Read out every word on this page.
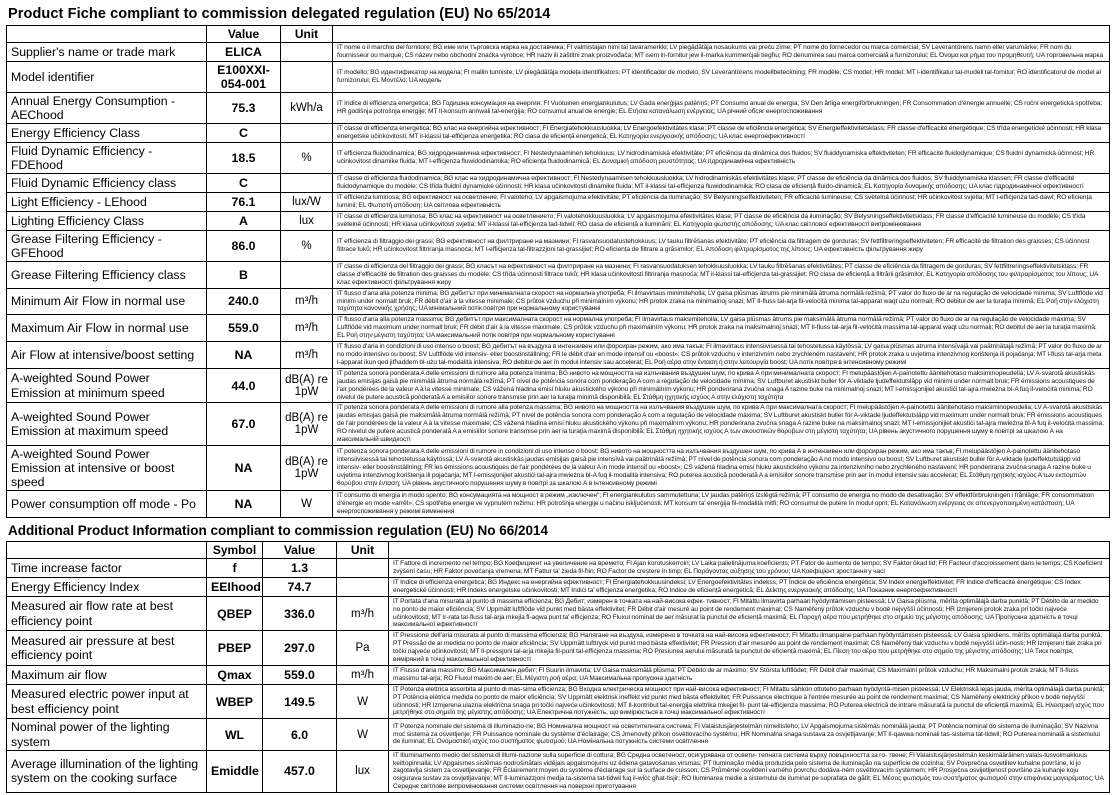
Product Fiche compliant to commission delegated regulation (EU) No 65/2014
	Value	Unit	
Supplier's name or trade mark	ELICA		IT nome o il marchio del fornitore; BG име или търговска марка на доставчика; FI valmistajan nimi tai tavaramerkki; LV piegādātāja nosaukums vai preču zīme; PT nome do fornecedor ou marca comercial; SV Leverantörens namn eller varumärke; FR nom du fournisseur ou marque; CS název nebo obchodní značka výrobce; HR naziv ili zaštitni znak proizvođača; MT isem in-fornitur jew il-marka kummerċjali tiegħu; RO denumirea sau marca comercială a furnizorului; EL Όνομα και ρήμα του προμηθευτή; UA торговельна марка
Model identifier	E100XXI-054-001		IT modello; BG идентификатор на модела; FI mallin tunniste; LV piegādātāja modeļa identifikators; PT identificador de modelo; SV Leverantörens modellbeteckning; FR modèle; CS model; HR model; MT l-identifikatur tal-mudell tal-fornitur; RO identificatorul de model al furnizorului; EL Μοντέλο; UA модель
Annual Energy Consumption - AEChood	75.3	kWh/a	IT Indice di efficienza energetica; BG Годишна консумация на енергия; FI Vuotuinen energiankulutus; LV Gada enerģijas patēriņš; PT Consumo anual de energia; SV Den årliga energiförbrukningen; FR Consommation d'énergie annuelle; CS roční energetická spotřeba; HR godišnja potrošnja energije; MT Il-konsum annwali tal-enerġija; RO consumul anual de energie; EL Ετήσια κατανάλωση ενέργειας; UA річний обсяг енергоспоживання
Energy Efficiency Class	C		IT classe di efficienza energetica; BG клас на енергийна ефективност; FI Energiatehokkuusluokka; LV Energoefektivitātes klase; PT classe de eficiência energética; SV Energieffektivitetsklass; FR classe d'efficacité énergétique; CS třída energetické účinnosti; HR klasa energetske učinkovitosti; MT il-klassi tal-effiċjenza enerġetika; RO clasa de eficiență energetică; EL Κατηγορία ενεργειακής απόδοσης; UA клас енергоефективності
Fluid Dynamic Efficiency - FDEhood	18.5	%	IT efficienza fluidodinamica; BG хидродинамична ефективност; FI Nestedynaaminen tehokkuus; LV hidrodinamiskā efektivitāte; PT eficiência da dinâmica dos fluidos; SV fluiddynamiska effektiviteten; FR efficacité fluidodynamique; CS fluidní dynamická účinnost; HR učinkovitost dinamike fluida; MT l-effiċjenza fluwidodinamika; RO eficiența fluidodinamică; EL Δυναμική απόδοση ρευστότητας; UA гідродинамічна ефективність
Fluid Dynamic Efficiency class	C		IT classe di efficienza fluidodinamica; BG клас на хидродинамична ефективност; FI Nestedynaamisen tehokkuusluokka; LV hidrodinamiskās efektivitātes klase; PT classe de eficiência da dinâmica dos fluidos; SV fluiddynamiska klassen; FR classe d'efficacité fluidodynamique du modèle; CS třída fluidní dynamické účinnosti; HR klasa učinkovitosti dinamike fluida; MT il-klassi tal-effiċjenza fluwidodinamika; RO clasa de eficiență fluido-dinamică; EL Κατηγορία δυναμικής απόδοσης; UA клас гідродинамічної ефективності
Light Efficiency - LEhood	76.1	lux/W	IT efficienza luminosa; BG ефективност на осветление; FI valotehо; LV apgaismojuma efektivitāte; PT eficiência da iluminação; SV Belysningseffektiviteten; FR efficacité lumineuse; CS světelná účinnost; HR učinkovitost svjetla; MT l-effiċjenza tad-dawl; RO eficiența luminii; EL Φωτιστή απόδοση; UA світлова ефективність
Lighting Efficiency Class	A	lux	IT classe di efficienza luminosa; BG клас на ефективност на осветлението; FI valotehokkuusluokka; LV apgaismojuma efektivitātes klase; PT classe de eficiência da iluminação; SV Belysningseffektivitetsklass; FR classe d'efficacité lumineuse du modèle; CS třída světelné účinnosti; HR klasa učinkovitosti svjetla; MT il-klassi tal-effiċjenza tad-tidwil; RO clasa de eficiență a iluminării; EL Κατηγορία φωτιστής απόδοσης; UA клас світлової ефективності випромінювання
Grease Filtering Efficiency - GFEhood	86.0	%	IT efficienza di filtraggio dei grassi; BG ефективност на филтриране на мазнини; FI rasvansuodatustehokkuus; LV tauku filtrēšanas efektivitāte; PT eficiência da filtragem de gorduras; SV fettfiltreringseffektiviteten; FR efficacité de filtration des graisses; CS účinnost filtrace tuků; HR učinkovitost filtriranja masnoća; MT l-effiċjenza tal-filtrazzjoni tal-grassijiet; RO eficiența de filtrare a grăsimilor; EL Απόδοση φιλτραρίσματος της λίπους; UA ефективність фільтрування жиру
Grease Filtering Efficiency class	B		IT classe di efficienza del filtraggio dei grassi; BG класът на ефективност на филтриране на мазнини; FI rasvansuodatuksen tehokkuusluokka; LV tauku filtrēšanas efektivitātes; PT classe de eficiência da filtragem de gorduras; SV fettfiltreringseffektivitetsklass; FR classe d'efficacité de filtration des graisses du modèle; CS třída účinnosti filtrace tuků; HR klasa učinkovitosti filtriranja masnoća; MT il-klassi tal-effiċjenza tal-grassijiet; RO clasa de eficiență a filtrării grăsimilor; EL Κατηγορία απόδοσης του φιλτραρίσματος του λίπους; UA клас ефективності фільтрування жиру
Minimum Air Flow in normal use	240.0	m³/h	IT flusso d'aria alla potenza minima; BG дебитът при минималната скорост на нормална употреба; FI ilmavirtaus minimiteholla; LV gaisa plūsmas ātrums pie minimālā ātruma normālā režīmā; PT valor do fluxo de ar na regulação de velocidade mínima; SV Luftflöde vid minimi under normalt bruk; FR débit d'air à la vitesse minimale; CS průtok vzduchu při minimálním výkonu; HR protok zraka na minimalnoj snazi; MT Il-fluss tal-arja fil-veloċità minima tal-apparat waqt użu normali; RO debitul de aer la turaţia minimă; EL Ροή στην ελάχιστη ταχύτητα κανονικής χρήσης; UA мінімальний потік повітря при нормальному користуванні
Maximum Air Flow in normal use	559.0	m³/h	IT flusso d'aria alla potenza massima; BG дебитът при максималната скорост на нормална употреба; FI ilmavirtaus maksimiteholla; LV gaisa plūsmas ātrums pie maksimālā ātruma normālā režīmā; PT valor do fluxo de ar na regulação de velocidade máxima; SV Luftflöde vid maximum under normalt bruk; FR débit d'air à la vitesse maximale; CS průtok vzduchu při maximálním výkonu; HR protok zraka na maksimalnoj snazi; MT Il-fluss tal-arja fil-veloċità massima tal-apparat waqt użu normali; RO debitul de aer la turaţia maximă; EL Ροή στην μέγιστη ταχύτητα; UA максимальний потік повітря при нормальному користуванні
Air Flow at intensive/boost setting	NA	m³/h	IT flusso d'aria in condizioni di uso intenso o boost; BG дебитът на въздуха в интензивен или форсиран режим, ако има такъв; FI ilmavirtaus intensiivisessä tai tehostetussa käytössä; LV gaisa plūsmas atruma intensīvajā vai paātrinātajā režīmā; PT valor do fluxo de ar no modo intensivo ou boost; SV Luftflöde vid intensiv- eller boostinställning; FR le débit d'air en mode intensif ou «boost»; CS průtok vzduchu v intenzivním nebo zrychleném nastavení; HR protok zraka u uvjetima intenzivnog korištenja ili pojačanja; MT l-fluss tal-arja meta l-apparat ikun qed jitħaddem bl-użu tal-modalità intensiva; RO debitul de aer în modul intensiv sau accelerat; EL Ροή αέρα στην ένταση ή στην λειτουργία boost; UA потік повітря в інтенсивному режимі
A-weighted Sound Power Emission at minimum speed	44.0	dB(A) re 1pW	IT potenza sonora ponderata A delle emissioni di rumore alla potenza minima; BG нивото на мощността на излъчвания въздушен шум, по крива А при минималната скорост; FI melupäästöjen A-painotettu äänitehotaso maksiminopeudella; LV A-svarotā akustiskās jaudas emisijas gaisā pie minimālā ātruma normālā režīmā; PT nível de potência sonora com ponderação A com a regulação de velocidade mínima; SV Luftburet akustiskt buller för A-viktade ljudeffektutsläpp vid minimi under normalt bruk; FR émissions acoustiques de l'air pondérées de la valeur A à la vitesse minimale; CS vážená hladina emisí hluku akustického výkonu při minimálním výkonu; HR ponderirana zvučna snaga A razine buke na minimalnoj snazi; MT l-emissjonijiet akustiċi tal-ajra mwieżna bl-A fuq il-veloċità minima; RO nivelul de putere acustică ponderată A a emisiilor sonore transmise prin aer la turaţia minimă disponibilă; EL Στάθμη ηχητικής ισχύος Α στην ελάχιστη ταχύτητα
A-weighted Sound Power Emission at maximum speed	67.0	dB(A) re 1pW	IT potenza sonora ponderata A delle emissioni di rumore alla potenza massima; BG нивото на мощността на излъчвания въздушен шум, по крива А при максималната скорост; FI melupäästöjen A-painotettu äänitehotaso maksiminopeudella; LV A-svarotā akustiskās jaudas emisijas gaisā pie maksimālā ātruma normālā režīmā; PT nível de potência sonora com ponderação A com a regulação de velocidade máxima; SV Luftburet akustiskt buller för A-viktade ljudeffektutsläpp vid maximum under normalt bruk; FR émissions acoustiques de l'air pondérées de la valeur A à la vitesse maximale; CS vážená hladina emisí hluku akustického výkonu při maximálním výkonu; HR ponderirana zvučna snaga A razine buke na maksimalnoj snazi; MT l-emissjonijiet akustiċi tal-ajra mwieżna bl-A fuq il-veloċità massima; RO nivelul de putere acustică ponderată A a emisiilor sonore transmise prin aer la turaţia maximă disponibilă; EL Στάθμη ηχητικής ισχύος Α των ακουστικών θορύβων στη μέγιστη ταχύτητα; UA рівень акустичного порушення шуму в повітрі за шкалою А на максимальній швидкості
A-weighted Sound Power Emission at intensive or boost speed	NA	dB(A) re 1pW	IT potenza sonora ponderata A delle emissioni di rumore in condizioni di uso intenso o boost; BG нивото на мощността на излъчвания въздушен шум, по крива А в интензивен или форсиран режим, ако има такъв; FI melupäästöjen A-painotettu äänitehotaso intensiivisessä tai tehostetussa käytössä; LV A-svarotā akustiskās jaudas emisijas gaisā pie intensīvā vai paātrinātā režīmā; PT nível de potência sonora com ponderação A no modo intensivo ou boost; SV Luftburet akustiskt buller för A-viktade ljudeffektutsläpp vid intensiv- eller boostinställning; FR les émissions acoustiques de l'air pondérées de la valeur A in mode intensif ou «boost»; CS vážená hladina emisí hluku akustického výkonu za intenzivního nebo zrychleného nastavení; HR ponderirana zvučna snaga A razine buke u uvjetima intenzivnog korištenja ili pojačanja; MT l-emissjonijiet akustiċi tal-ajra mwieżna bl-A fuq il-modalità intensiva; RO puterea acustică ponderată A a emisiilor sonore transmise prin aer în modul intensiv sau accelerat; EL Στάθμη ηχητικής ισχύος Α των εκπομπών θορύβου στην ένταση; UA рівень акустичного порушення шуму в повітрі за шкалою А в інтенсивному режимі
Power consumption off mode - Po	NA	W	IT consumo di energia in modo spento; BG консумацията на мощност в режим „изключен"; FI energiankulutus sammutettuna; LV jaudas patēriņš izslēgtā režīmā; PT consumo de energia no modo de desativação; SV effektförbrukningen i frånläge; FR consommation d'énergie en mode «arrêt»; CS spotřeba energie ve vypnutém režimu; HR potrošnja energije u načinu isključenosti; MT konsum ta' enerġija fil-modalità mitfi; RO consumul de putere în modul oprit; EL Κατανάλωση ενέργειας σε απενεργοποιημένη κατάσταση; UA енергоспоживання у режимі вимкнення
Additional Product Information compliant to commission regulation (EU) No 66/2014
	Symbol	Value	Unit	
Time increase factor	f	1.3		IT Fattore di incremento nel tempo; BG Коефициент на увеличение на времето; FI Ajan korotuskerroin; LV Laika palielinājuma koeficients; PT Fator de aumento de tempo; SV Faktor ökad tid; FR Facteur d'accroissement dans le temps; CS Koeficient zvýšení času; HR Faktor povećanja vremena; MT Fattur ta' żieda fil-ħin; RO Factor de creștere în timp; EL Παράγοντας αύξησης του χρόνου; UA Коефіцієнт зростання у часі
Energy Efficiency Index	EEIhood	74.7		IT Indice di efficienza energetica; BG Индекс на енергийна ефективност; FI Energiatehokkuusindeksi; LV Energoefektivitātes indekss; PT Índice de eficiência energética; SV Index energieffektivitet; FR Indice d'efficacité énergétique; CS Index energetické účinnosti; HR Indeks energetske učinkovitosti; MT Indiċi ta' effiċjenza enerġetika; RO Indice de eficiență energetică; EL Δείκτης ενεργειακής απόδοσης; UA Показник енергоефективності
Measured air flow rate at best efficiency point	QBEP	336.0	m³/h	IT Portata d'aria misurata al punto di massima efficienza; BG Дебит; измерен в точката на най-висока ефек- тивност; FI Mitattu ilmavirta parhaan hyödyntämisen pisteessä; LV Gaisa plūsma, mērīta optimālajā darba punktā; PT Débito de ar medido no ponto de maior eficiência; SV Uppmätt luftflöde vid punkt med bästa effektivitet; FR Débit d'air mesuré au point de rendement maximal; CS Naměřený průtok vzduchu v bodě nejvyšší účinnosti; HR Izmjereni protok zraka pri točki najveće učinkovitosti; MT Ir-rata tal-fluss tal-arja mkejla fl-aqwa punt ta' effiċjenza; RO Fluxul nominal de aer măsurat la punctul de eficiență maximă; EL Παροχή αέρα που μετρήθηκε στο σημείο της μέγιστης απόδοσης; UA Пропускна здатність в точці максимальної ефективності
Measured air pressure at best efficiency point	PBEP	297.0	Pa	IT Pressione dell'aria misurata al punto di massima efficienza; BG Налягане на въздуха, измерено в точката на най-висока ефективност; FI Mitattu ilmanpaine parhaan hyödyntämisen pisteessä; LV Gaisa spiediens, mērīts optimālajā darba punktā; PT Pressão de ar medida no ponto de maior eficiência; SV Uppmätt lufttryck vid punkt med bästa effektivitet; FR Pression d'air mesurée au point de rendement maximal; CS Naměřený tlak vzduchu v bodě nejvyšší účin-nosti; HR Izmjereni tlak zraka pri točki najveće učinkovitosti; MT Il-pressjoni tal-arja mkejla fil-punt tal-effiċjenza massima; RO Presiunea aerului măsurată la punctul de eficiență maximă; EL Πίεση του αέρα που μετρήθηκε στο σημείο της μέγιστης απόδοσης; UA Тиск повітря, виміряний в точці максимальної ефективності
Maximum air flow	Qmax	559.0	m³/h	IT Flusso d'aria massimo; BG Максимален дебит; FI Suurin ilmavirta; LV Gaisa maksimālā plūsma; PT Débito de ar máximo; SV Största luftflödet; FR Débit d'air maximal; CS Maximální průtok vzduchu; HR Maksimalni protok zraka; MT Il-fluss massimu tal-arja; RO Fluxul maxim de aer; EL Μέγιστη ροή αέρα; UA Максимальна пропускна здатність
Measured electric power input at best efficiency point	WBEP	149.5	W	IT Potenza elettrica assorbita al punto di mas-sima efficienza; BG Входна електрическа мощност при най-висока ефективност; FI Mitattu sähkön ottoteho parhaan hyödyntä-misen pisteessä; LV Elektriskā iejas jauda, mērīta optimālajā darba punktā; PT Potência elétrica medida no ponto de maior eficiência; SV Uppmätt elektrisk ineffekt vid punkt med bästa effektivitet; FR Puissance électrique à l'entrée mesurée au point de rendement maximal; CS Naměřený elektrický příkon v bodě nejvyšší účinnosti; HR Izmjerena ulazna električna snaga pri točki najveće učinkovitosti; MT Il-kontribut tal-enerġija elettrika mkejjel fil- punt tal-effiċjenza massima; RO Puterea electrică de intrare măsurată la punctul de eficiență maximă; EL Ηλεκτρική ισχύς που μετρήθηκε στο σημείο της μέγιστης απόδοσης; UA Електрична потужність, що вимірюється в точці максимальної ефективності
Nominal power of the lighting system	WL	6.0	W	IT Potenza nominale del sistema di illuminazio-ne; BG Номинална мощност на осветителната система; FI Valaistusjärjestelmän nimellisteho; LV Apgaismojuma sistēmas nominālā jauda; PT Potência nominal do sistema de iluminação; SV Nazivna moć sistema za osvetljenje; FR Puissance nominale du système d'éclairage; CS Jmenovitý příkon osvětlovacího systému; HR Nominalna snaga sustava za osvjetljavanje; MT Il-qawwa nominali tas-sistema tat-tidwil; RO Puterea nominală a sistemului de iluminat; EL Ονομαστική ισχύς του συστήματος φωτισμού; UA Номінальна потужність системи освітлення
Average illumination of the lighting system on the cooking surface	Emiddle	457.0	lux	IT Illuminamento medio del sistema di illumi-nazione sulla superficie di cottura; BG Средна осветеност, осигурявана от освети- телната система върху повърхността за го- твене; FI Valaistusjärjestelmän keskimääräinen valais-tusvoimakkuus keittopinnalla; LV Apgaismes sistēmas nodrošinātais vidējais apgaismojums uz ēdiena gatavošanas virsmas; PT Iluminação média produzida pelo sistema de iluminação na superfície de cozinha; SV Povprečna osvetlitev kuhalne površine, ki jo zagotavlja sistem za osvetljevanje; FR Éclairement moyen du système d'éclairage sur la surface de cuisson; CS Průměrné osvětlení varného povrchu dodáva-ném osvětlovacím systémem; HR Prosječna osvijetljenost površine za kuhanje koju osigurava sustav za osvjetljavanje; MT Il-luminazzjoni medja ta-sistema tat-tidwil fuq il-wiċċ għat-tisjir; RO Iluminarea medie a sistemului de iluminat pe suprafața de gătit; EL Μέσος φωτισμός του συστήματος φωτισμού στην επιφάνεια μαγειρέματος; UA Середнє світлове випромінювання системи освітлення на поверхні приготування
